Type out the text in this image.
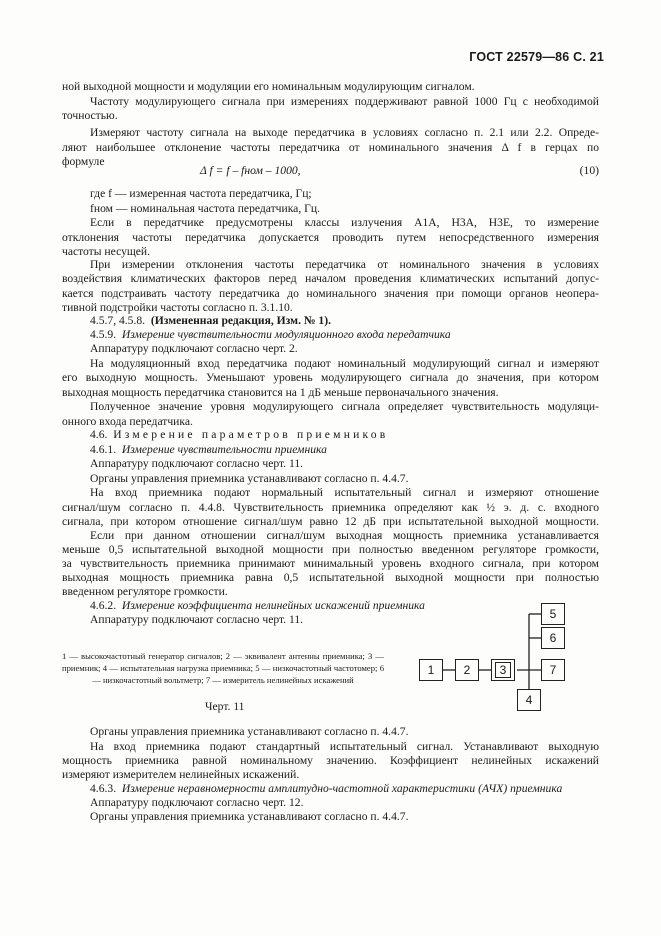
ГОСТ 22579—86 С. 21
ной выходной мощности и модуляции его номинальным модулирующим сигналом.
Частоту модулирующего сигнала при измерениях поддерживают равной 1000 Гц с необходимой
точностью.
Измеряют частоту сигнала на выходе передатчика в условиях согласно п. 2.1 или 2.2. Опреде-
ляют наибольшее отклонение частоты передатчика от номинального значения Δ f в герцах по
формуле
Δ f = f – fном – 1000,	(10)
где f — измеренная частота передатчика, Гц;
fном — номинальная частота передатчика, Гц.
Если в передатчике предусмотрены классы излучения A1A, H3A, H3E, то измерение
отклонения частоты передатчика допускается проводить путем непосредственного измерения
частоты несущей.
При измерении отклонения частоты передатчика от номинального значения в условиях
воздействия климатических факторов перед началом проведения климатических испытаний допус-
кается подстраивать частоту передатчика до номинального значения при помощи органов неопера-
тивной подстройки частоты согласно п. 3.1.10.
4.5.7, 4.5.8. (Измененная редакция, Изм. № 1).
4.5.9. Измерение чувствительности модуляционного входа передатчика
Аппаратуру подключают согласно черт. 2.
На модуляционный вход передатчика подают номинальный модулирующий сигнал и измеряют
его выходную мощность. Уменьшают уровень модулирующего сигнала до значения, при котором
выходная мощность передатчика становится на 1 дБ меньше первоначального значения.
Полученное значение уровня модулирующего сигнала определяет чувствительность модуляци-
онного входа передатчика.
4.6. Измерение параметров приемников
4.6.1. Измерение чувствительности приемника
Аппаратуру подключают согласно черт. 11.
Органы управления приемника устанавливают согласно п. 4.4.7.
На вход приемника подают нормальный испытательный сигнал и измеряют отношение
сигнал/шум согласно п. 4.4.8. Чувствительность приемника определяют как ½ э. д. с. входного
сигнала, при котором отношение сигнал/шум равно 12 дБ при испытательной выходной мощности.
Если при данном отношении сигнал/шум выходная мощность приемника устанавливается
меньше 0,5 испытательной выходной мощности при полностью введенном регуляторе громкости,
за чувствительность приемника принимают минимальный уровень входного сигнала, при котором
выходная мощность приемника равна 0,5 испытательной выходной мощности при полностью
введенном регуляторе громкости.
4.6.2. Измерение коэффициента нелинейных искажений приемника
Аппаратуру подключают согласно черт. 11.
1 — высокочастотный генератор сигналов; 2 — эквивалент антенны приемника; 3 — приемник; 4 — испытательная нагрузка приемника; 5 — низкочастотный частотомер; 6 — низкочастотный вольтметр; 7 — измеритель нелинейных искажений
Черт. 11
1	2	3
4
5
6
7
Органы управления приемника устанавливают согласно п. 4.4.7.
На вход приемника подают стандартный испытательный сигнал. Устанавливают выходную
мощность приемника равной номинальному значению. Коэффициент нелинейных искажений
измеряют измерителем нелинейных искажений.
4.6.3. Измерение неравномерности амплитудно-частотной характеристики (АЧХ) приемника
Аппаратуру подключают согласно черт. 12.
Органы управления приемника устанавливают согласно п. 4.4.7.
